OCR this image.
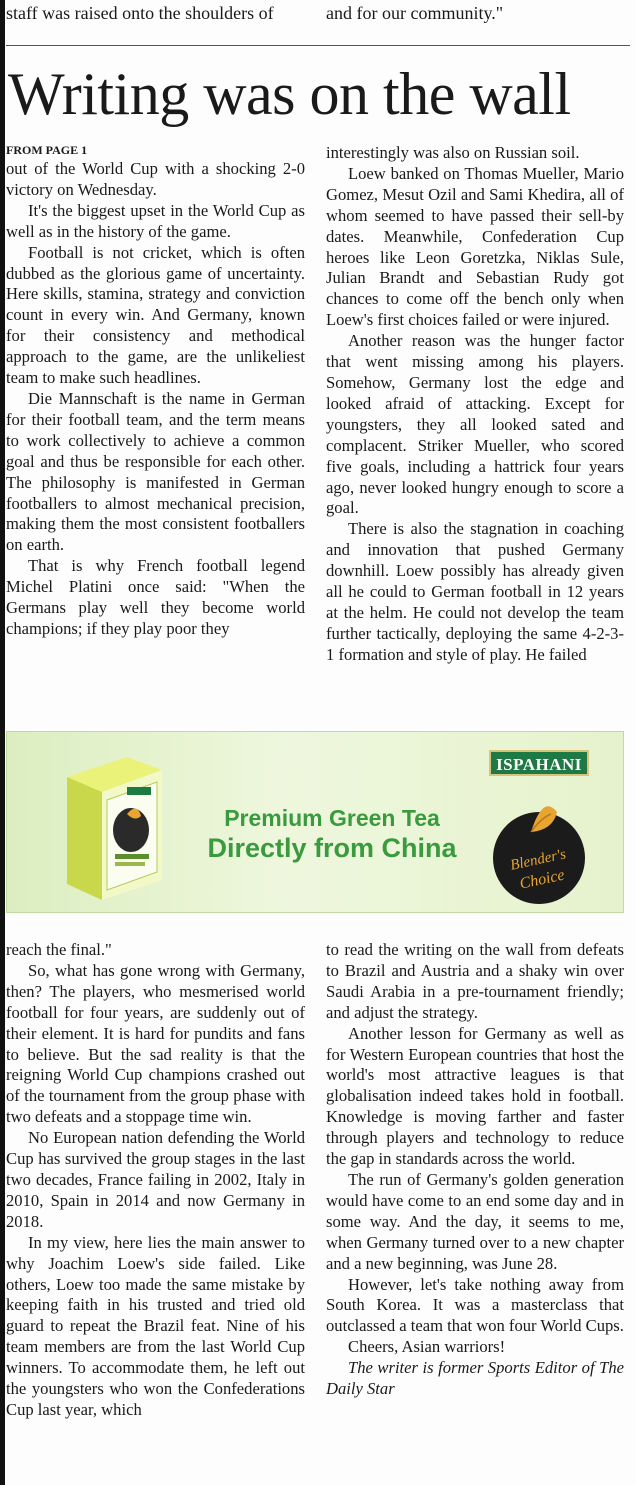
staff was raised onto the shoulders of	and for our community."
Writing was on the wall
FROM PAGE 1

out of the World Cup with a shocking 2-0 victory on Wednesday.

It's the biggest upset in the World Cup as well as in the history of the game.

Football is not cricket, which is often dubbed as the glorious game of uncertainty. Here skills, stamina, strategy and conviction count in every win. And Germany, known for their consistency and methodical approach to the game, are the unlikeliest team to make such headlines.

Die Mannschaft is the name in German for their football team, and the term means to work collectively to achieve a common goal and thus be responsible for each other. The philosophy is manifested in German footballers to almost mechanical precision, making them the most consistent footballers on earth.

That is why French football legend Michel Platini once said: "When the Germans play well they become world champions; if they play poor they

interestingly was also on Russian soil.

Loew banked on Thomas Mueller, Mario Gomez, Mesut Ozil and Sami Khedira, all of whom seemed to have passed their sell-by dates. Meanwhile, Confederation Cup heroes like Leon Goretzka, Niklas Sule, Julian Brandt and Sebastian Rudy got chances to come off the bench only when Loew's first choices failed or were injured.

Another reason was the hunger factor that went missing among his players. Somehow, Germany lost the edge and looked afraid of attacking. Except for youngsters, they all looked sated and complacent. Striker Mueller, who scored five goals, including a hattrick four years ago, never looked hungry enough to score a goal.

There is also the stagnation in coaching and innovation that pushed Germany downhill. Loew possibly has already given all he could to German football in 12 years at the helm. He could not develop the team further tactically, deploying the same 4-2-3-1 formation and style of play. He failed

Premium Green Tea
Directly from China
ISPAHANI
Blender's
Choice

reach the final."

So, what has gone wrong with Germany, then? The players, who mesmerised world football for four years, are suddenly out of their element. It is hard for pundits and fans to believe. But the sad reality is that the reigning World Cup champions crashed out of the tournament from the group phase with two defeats and a stoppage time win.

No European nation defending the World Cup has survived the group stages in the last two decades, France failing in 2002, Italy in 2010, Spain in 2014 and now Germany in 2018.

In my view, here lies the main answer to why Joachim Loew's side failed. Like others, Loew too made the same mistake by keeping faith in his trusted and tried old guard to repeat the Brazil feat. Nine of his team members are from the last World Cup winners. To accommodate them, he left out the youngsters who won the Confederations Cup last year, which

to read the writing on the wall from defeats to Brazil and Austria and a shaky win over Saudi Arabia in a pre-tournament friendly; and adjust the strategy.

Another lesson for Germany as well as for Western European countries that host the world's most attractive leagues is that globalisation indeed takes hold in football. Knowledge is moving farther and faster through players and technology to reduce the gap in standards across the world.

The run of Germany's golden generation would have come to an end some day and in some way. And the day, it seems to me, when Germany turned over to a new chapter and a new beginning, was June 28.

However, let's take nothing away from South Korea. It was a masterclass that outclassed a team that won four World Cups.

Cheers, Asian warriors!

The writer is former Sports Editor of The Daily Star
